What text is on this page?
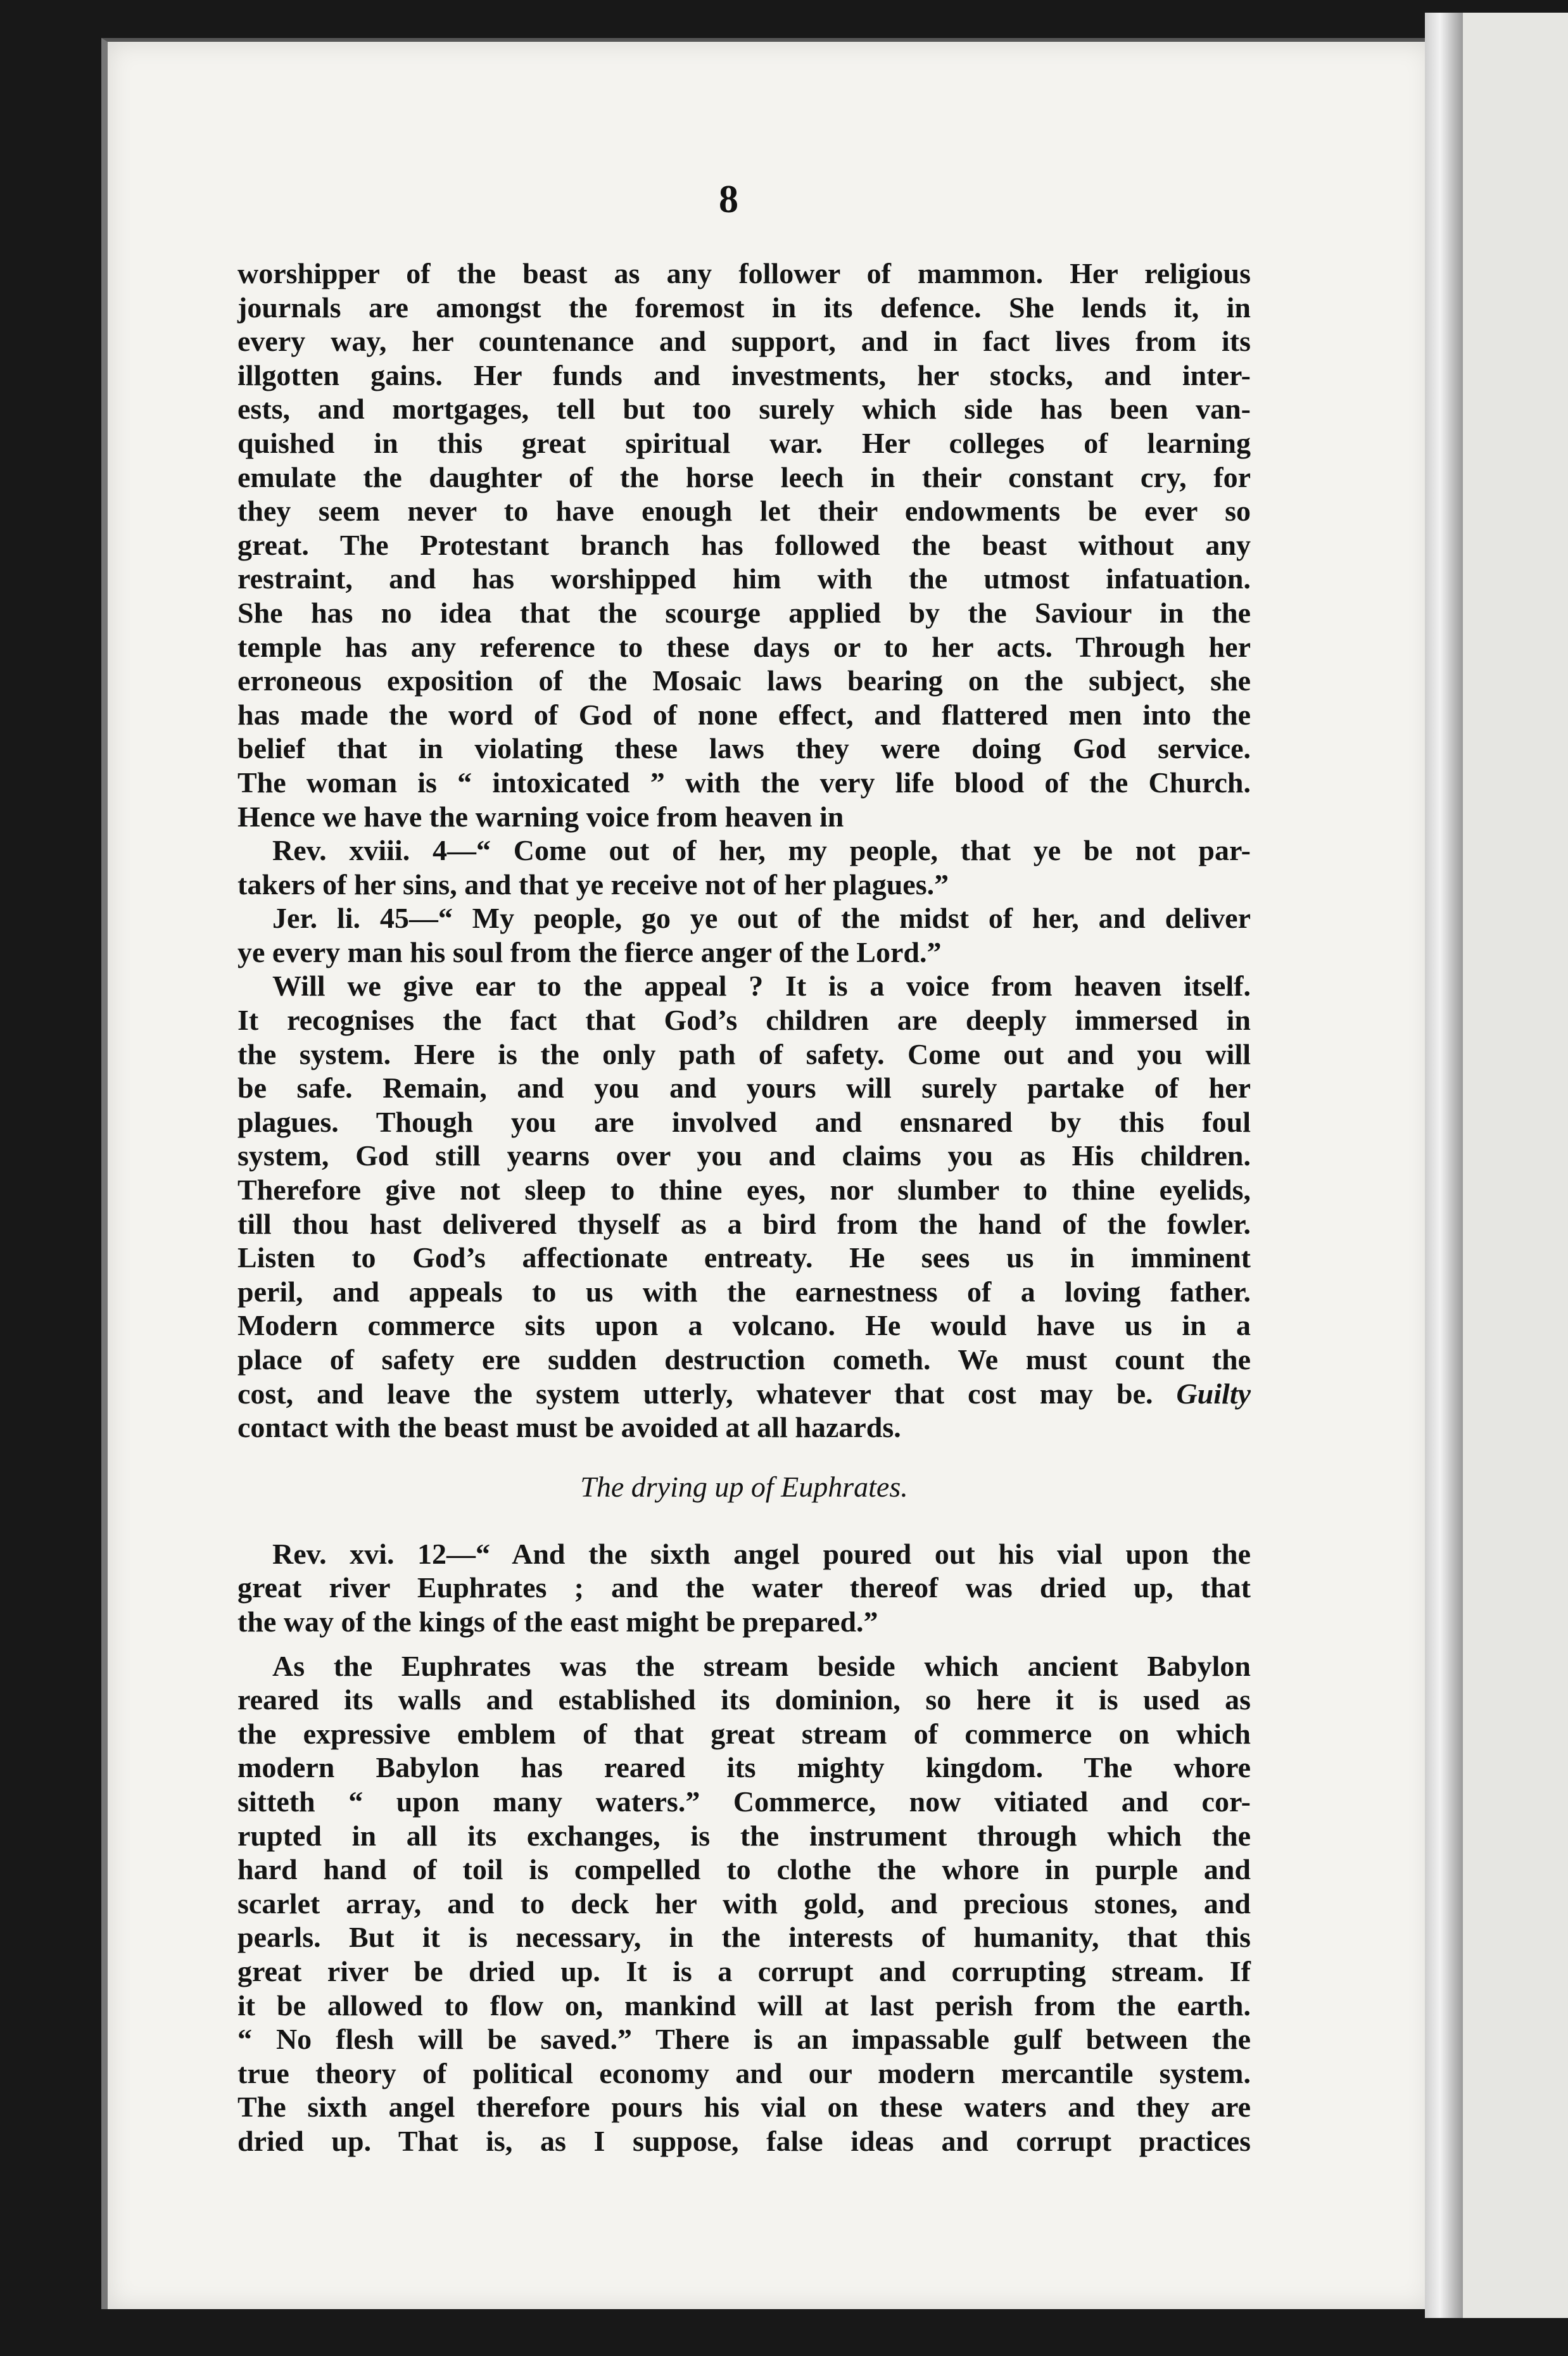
8
worshipper of the beast as any follower of mammon. Her religious
journals are amongst the foremost in its defence. She lends it, in
every way, her countenance and support, and in fact lives from its
illgotten gains. Her funds and investments, her stocks, and inter-
ests, and mortgages, tell but too surely which side has been van-
quished in this great spiritual war. Her colleges of learning
emulate the daughter of the horse leech in their constant cry, for
they seem never to have enough let their endowments be ever so
great. The Protestant branch has followed the beast without any
restraint, and has worshipped him with the utmost infatuation.
She has no idea that the scourge applied by the Saviour in the
temple has any reference to these days or to her acts. Through her
erroneous exposition of the Mosaic laws bearing on the subject, she
has made the word of God of none effect, and flattered men into the
belief that in violating these laws they were doing God service.
The woman is “ intoxicated ” with the very life blood of the Church.
Hence we have the warning voice from heaven in
Rev. xviii. 4—“ Come out of her, my people, that ye be not par-
takers of her sins, and that ye receive not of her plagues.”
Jer. li. 45—“ My people, go ye out of the midst of her, and deliver
ye every man his soul from the fierce anger of the Lord.”
Will we give ear to the appeal ? It is a voice from heaven itself.
It recognises the fact that God’s children are deeply immersed in
the system. Here is the only path of safety. Come out and you will
be safe. Remain, and you and yours will surely partake of her
plagues. Though you are involved and ensnared by this foul
system, God still yearns over you and claims you as His children.
Therefore give not sleep to thine eyes, nor slumber to thine eyelids,
till thou hast delivered thyself as a bird from the hand of the fowler.
Listen to God’s affectionate entreaty. He sees us in imminent
peril, and appeals to us with the earnestness of a loving father.
Modern commerce sits upon a volcano. He would have us in a
place of safety ere sudden destruction cometh. We must count the
cost, and leave the system utterly, whatever that cost may be. Guilty
contact with the beast must be avoided at all hazards.
The drying up of Euphrates.
Rev. xvi. 12—“ And the sixth angel poured out his vial upon the
great river Euphrates ; and the water thereof was dried up, that
the way of the kings of the east might be prepared.”
As the Euphrates was the stream beside which ancient Babylon
reared its walls and established its dominion, so here it is used as
the expressive emblem of that great stream of commerce on which
modern Babylon has reared its mighty kingdom. The whore
sitteth “ upon many waters.” Commerce, now vitiated and cor-
rupted in all its exchanges, is the instrument through which the
hard hand of toil is compelled to clothe the whore in purple and
scarlet array, and to deck her with gold, and precious stones, and
pearls. But it is necessary, in the interests of humanity, that this
great river be dried up. It is a corrupt and corrupting stream. If
it be allowed to flow on, mankind will at last perish from the earth.
“ No flesh will be saved.” There is an impassable gulf between the
true theory of political economy and our modern mercantile system.
The sixth angel therefore pours his vial on these waters and they are
dried up. That is, as I suppose, false ideas and corrupt practices
